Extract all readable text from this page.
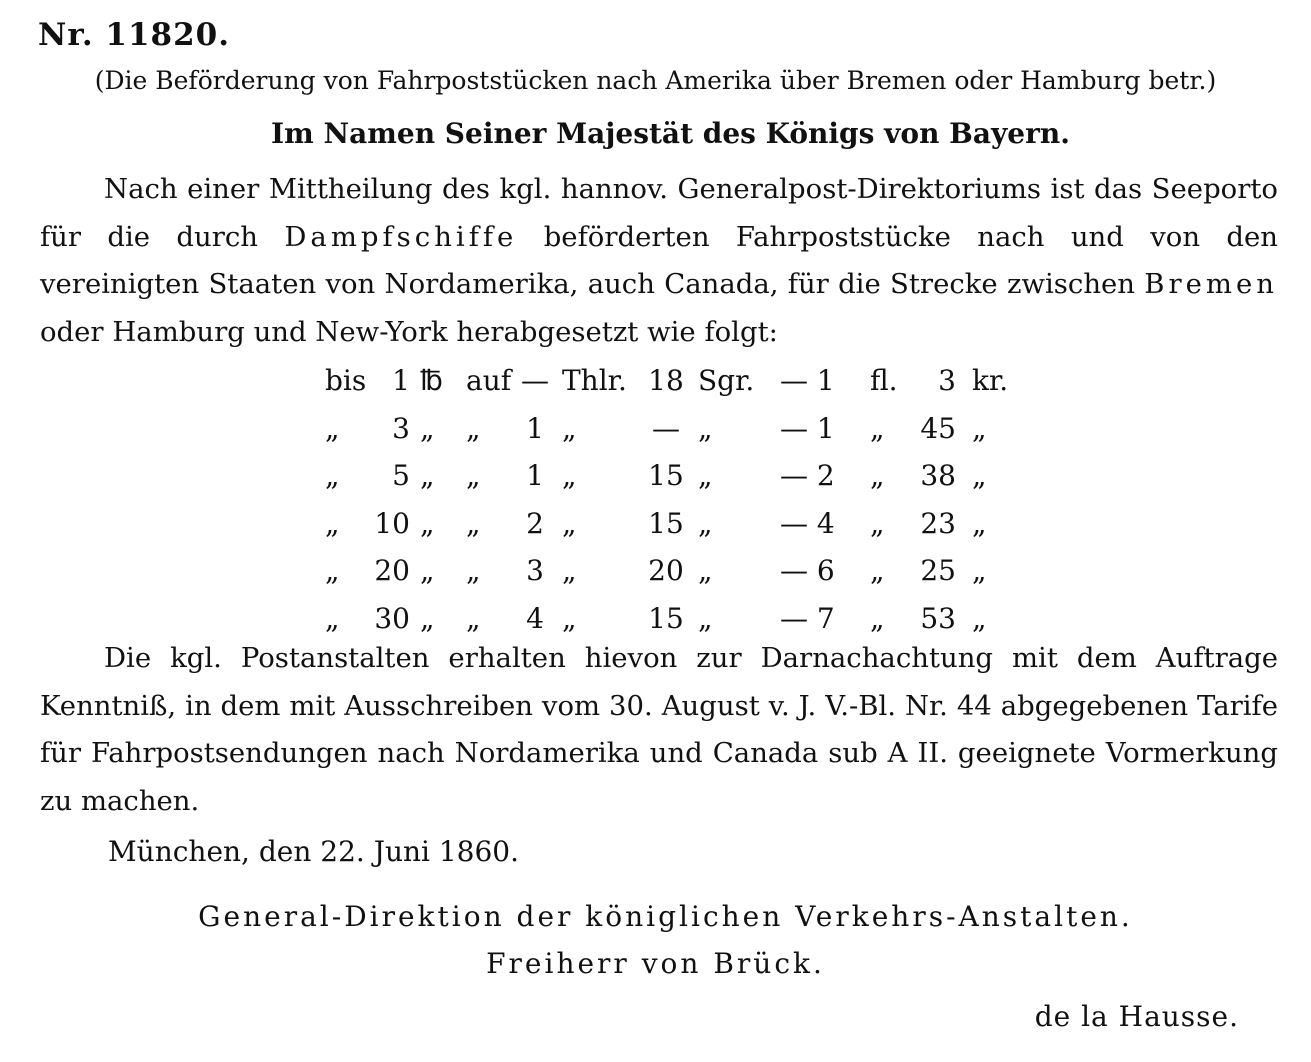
Nr. 11820.
(Die Beförderung von Fahrpoststücken nach Amerika über Bremen oder Hamburg betr.)
Im Namen Seiner Majestät des Königs von Bayern.
Nach einer Mittheilung des kgl. hannov. Generalpost-Direktoriums ist das Seeporto für die durch Dampfschiffe beförderten Fahrpoststücke nach und von den vereinigten Staaten von Nordamerika, auch Canada, für die Strecke zwischen Bremen oder Hamburg und New-York herabgesetzt wie folgt:
bis 1 ℔ auf — Thlr. 18 Sgr. — 1 fl.	3 kr.
„	3 „ „	1 „	— „ — 1 „	45 „
„	5 „ „	1 „	15 „ — 2 „	38 „
„ 10 „ „	2 „	15 „ — 4 „	23 „
„ 20 „ „	3 „	20 „ — 6 „	25 „
„ 30 „ „	4 „	15 „ — 7 „	53 „
Die kgl. Postanstalten erhalten hievon zur Darnachachtung mit dem Auftrage Kenntniß, in dem mit Ausschreiben vom 30. August v. J. V.-Bl. Nr. 44 abgegebenen Tarife für Fahrpostsendungen nach Nordamerika und Canada sub A II. geeignete Vormerkung zu machen.
München, den 22. Juni 1860.
General-Direktion der königlichen Verkehrs-Anstalten.
Freiherr von Brück.
de la Hausse.
